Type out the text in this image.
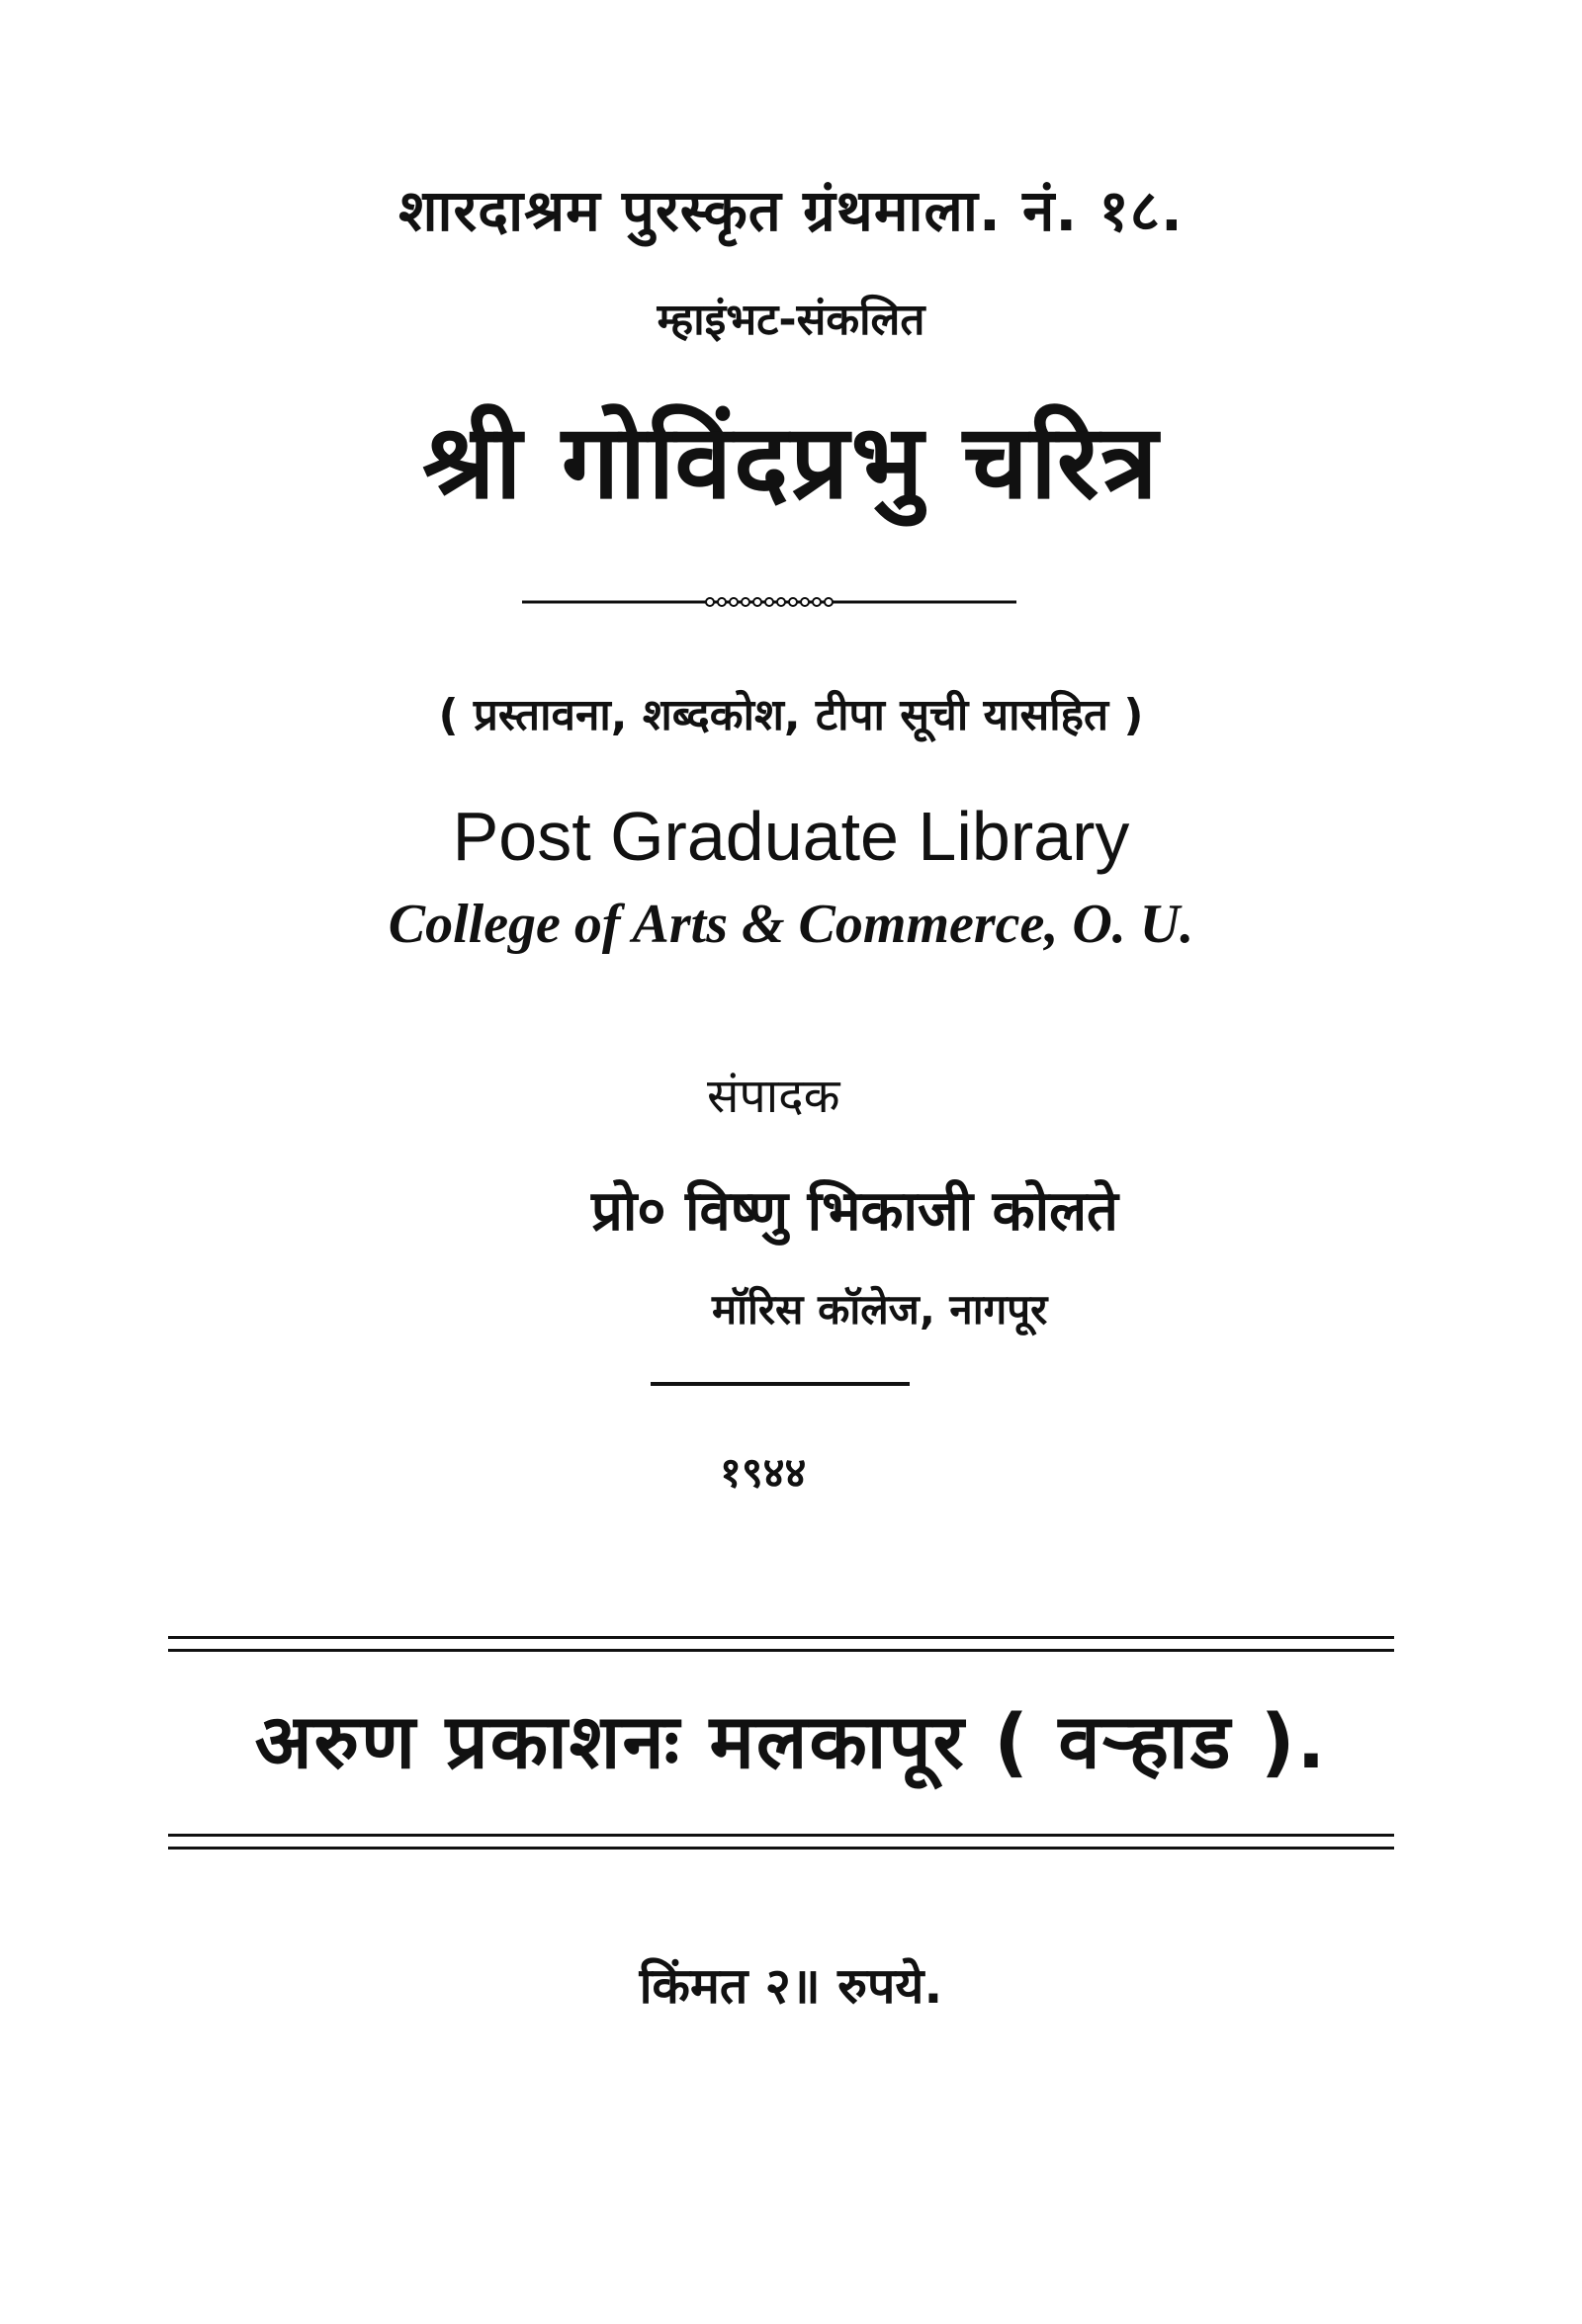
शारदाश्रम पुरस्कृत ग्रंथमाला. नं. १८.
म्हाइंभट-संकलित
श्री गोविंदप्रभु चरित्र
( प्रस्तावना, शब्दकोश, टीपा सूची यासहित )
Post Graduate Library
College of Arts & Commerce, O. U.
संपादक
प्रो० विष्णु भिकाजी कोलते
मॉरिस कॉलेज, नागपूर
१९४४
अरुण प्रकाशनः मलकापूर ( वऱ्हाड ).
किंमत २॥ रुपये.
